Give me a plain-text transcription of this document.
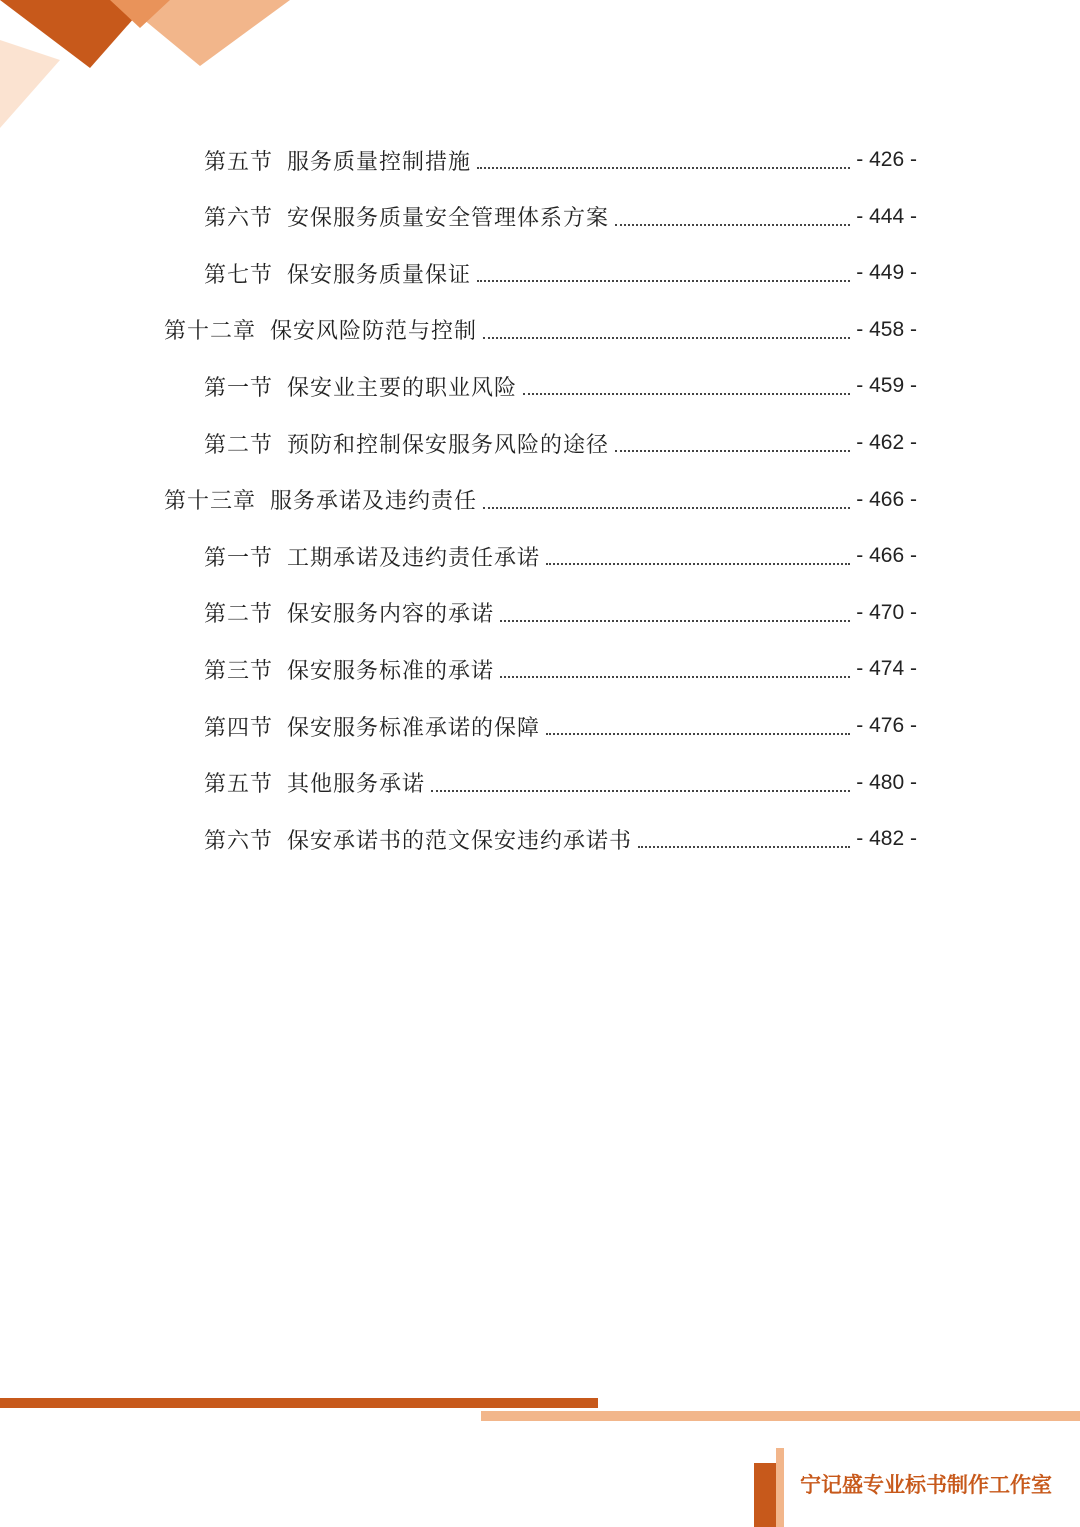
第五节 服务质量控制措施	- 426 -
第六节 安保服务质量安全管理体系方案	- 444 -
第七节 保安服务质量保证	- 449 -
第十二章 保安风险防范与控制	- 458 -
第一节 保安业主要的职业风险	- 459 -
第二节 预防和控制保安服务风险的途径	- 462 -
第十三章 服务承诺及违约责任	- 466 -
第一节 工期承诺及违约责任承诺	- 466 -
第二节 保安服务内容的承诺	- 470 -
第三节 保安服务标准的承诺	- 474 -
第四节 保安服务标准承诺的保障	- 476 -
第五节 其他服务承诺	- 480 -
第六节 保安承诺书的范文保安违约承诺书	- 482 -
宁记盛专业标书制作工作室
